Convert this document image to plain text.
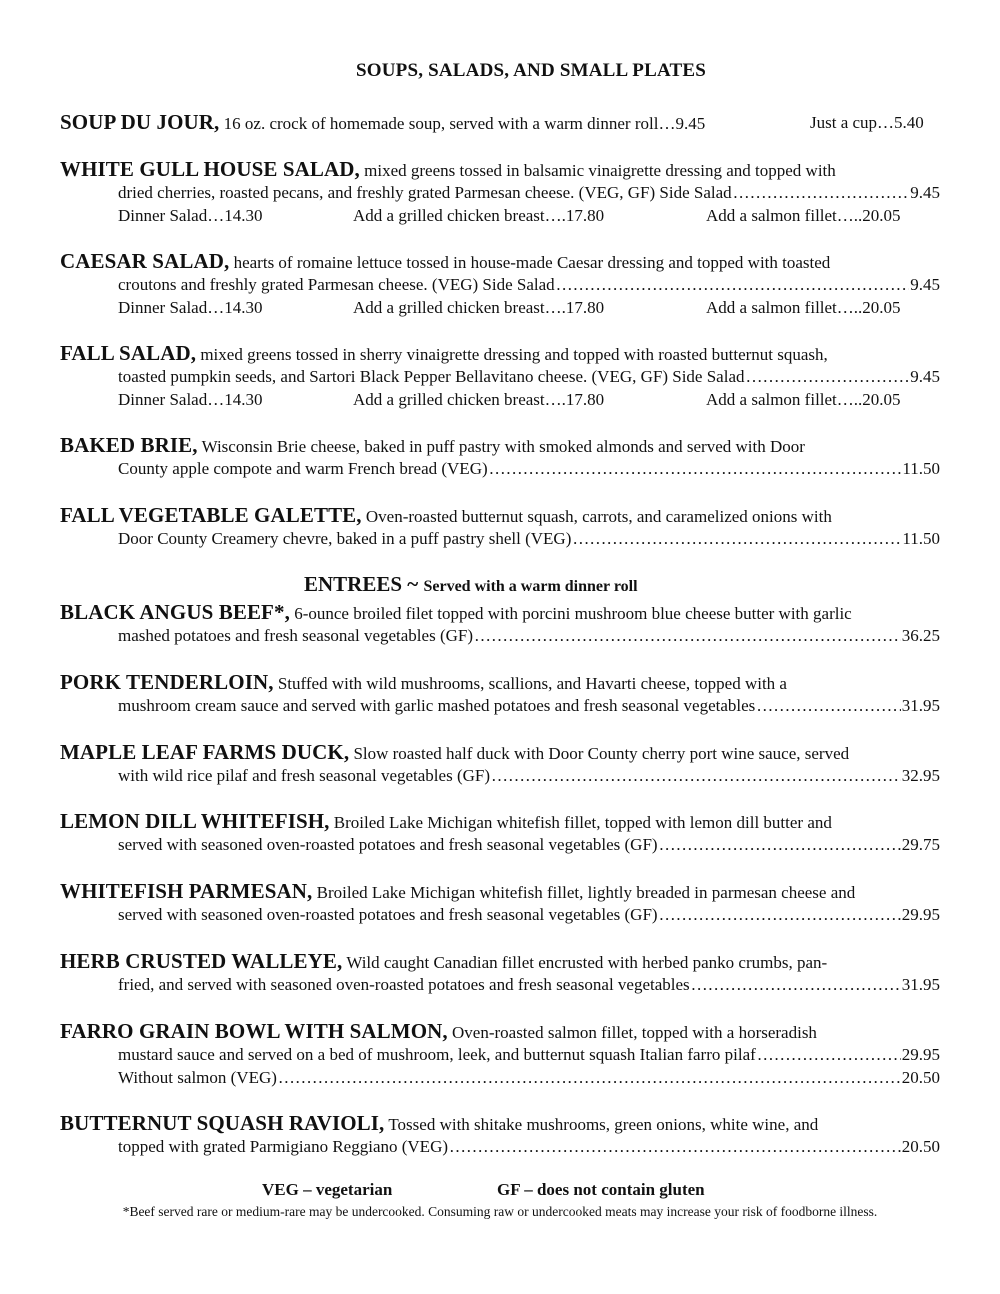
SOUPS, SALADS, AND SMALL PLATES
SOUP DU JOUR, 16 oz. crock of homemade soup, served with a warm dinner roll…9.45	Just a cup…5.40
WHITE GULL HOUSE SALAD, mixed greens tossed in balsamic vinaigrette dressing and topped with
dried cherries, roasted pecans, and freshly grated Parmesan cheese. (VEG, GF) Side Salad ……………………………………………………………………………………………………………………………………………………………………………	9.45
Dinner Salad…14.30	Add a grilled chicken breast….17.80	Add a salmon fillet…..20.05
CAESAR SALAD, hearts of romaine lettuce tossed in house-made Caesar dressing and topped with toasted
croutons and freshly grated Parmesan cheese. (VEG) Side Salad ……………………………………………………………………………………………………………………………………………………………………………	9.45
Dinner Salad…14.30	Add a grilled chicken breast….17.80	Add a salmon fillet…..20.05
FALL SALAD, mixed greens tossed in sherry vinaigrette dressing and topped with roasted butternut squash,
toasted pumpkin seeds, and Sartori Black Pepper Bellavitano cheese. (VEG, GF) Side Salad ……………………………………………………………………………………………………………………………………………………………………………	9.45
Dinner Salad…14.30	Add a grilled chicken breast….17.80	Add a salmon fillet…..20.05
BAKED BRIE, Wisconsin Brie cheese, baked in puff pastry with smoked almonds and served with Door
County apple compote and warm French bread (VEG) ……………………………………………………………………………………………………………………………………………………………………………	11.50
FALL VEGETABLE GALETTE, Oven-roasted butternut squash, carrots, and caramelized onions with
Door County Creamery chevre, baked in a puff pastry shell (VEG) ……………………………………………………………………………………………………………………………………………………………………………	11.50
ENTREES ~ Served with a warm dinner roll
BLACK ANGUS BEEF*, 6-ounce broiled filet topped with porcini mushroom blue cheese butter with garlic
mashed potatoes and fresh seasonal vegetables (GF) ……………………………………………………………………………………………………………………………………………………………………………	36.25
PORK TENDERLOIN, Stuffed with wild mushrooms, scallions, and Havarti cheese, topped with a
mushroom cream sauce and served with garlic mashed potatoes and fresh seasonal vegetables ……………………………………………………………………………………………………………………………………………………………………………	31.95
MAPLE LEAF FARMS DUCK, Slow roasted half duck with Door County cherry port wine sauce, served
with wild rice pilaf and fresh seasonal vegetables (GF) ……………………………………………………………………………………………………………………………………………………………………………	32.95
LEMON DILL WHITEFISH, Broiled Lake Michigan whitefish fillet, topped with lemon dill butter and
served with seasoned oven-roasted potatoes and fresh seasonal vegetables (GF) ……………………………………………………………………………………………………………………………………………………………………………	29.75
WHITEFISH PARMESAN, Broiled Lake Michigan whitefish fillet, lightly breaded in parmesan cheese and
served with seasoned oven-roasted potatoes and fresh seasonal vegetables (GF) ……………………………………………………………………………………………………………………………………………………………………………	29.95
HERB CRUSTED WALLEYE, Wild caught Canadian fillet encrusted with herbed panko crumbs, pan-
fried, and served with seasoned oven-roasted potatoes and fresh seasonal vegetables ……………………………………………………………………………………………………………………………………………………………………………	31.95
FARRO GRAIN BOWL WITH SALMON, Oven-roasted salmon fillet, topped with a horseradish
mustard sauce and served on a bed of mushroom, leek, and butternut squash Italian farro pilaf ……………………………………………………………………………………………………………………………………………………………………………	29.95
Without salmon (VEG) ……………………………………………………………………………………………………………………………………………………………………………	20.50
BUTTERNUT SQUASH RAVIOLI, Tossed with shitake mushrooms, green onions, white wine, and
topped with grated Parmigiano Reggiano (VEG) ……………………………………………………………………………………………………………………………………………………………………………	20.50
VEG – vegetarian	GF – does not contain gluten
*Beef served rare or medium-rare may be undercooked. Consuming raw or undercooked meats may increase your risk of foodborne illness.
